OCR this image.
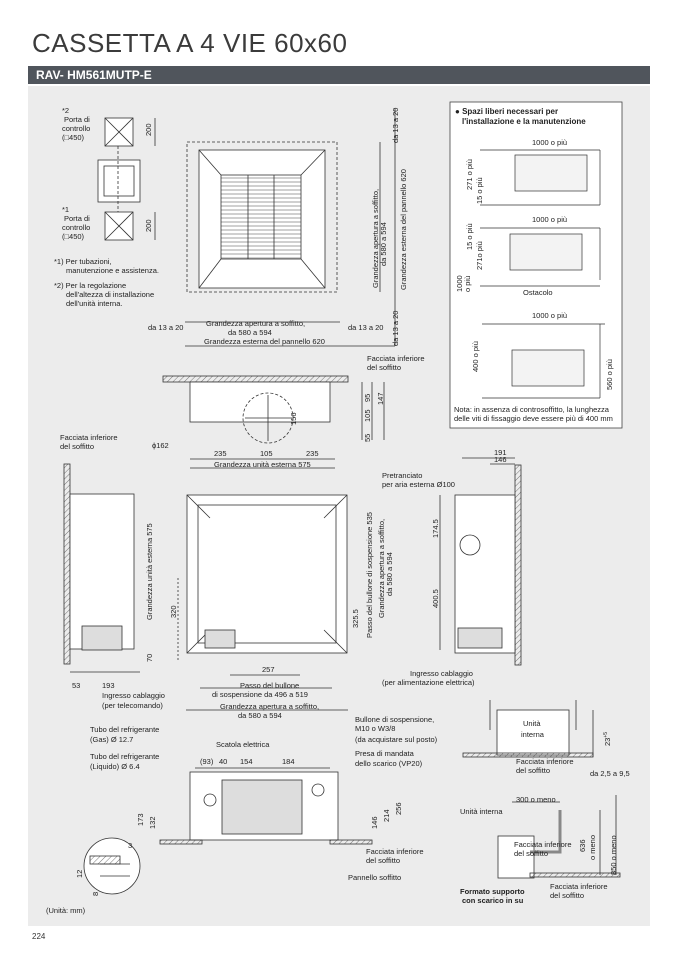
CASSETTA A 4 VIE 60x60
RAV- HM561MUTP-E
*2
Porta di
controllo
(□450)
*1
Porta di
controllo
(□450)
200
200
*1) Per tubazioni,
manutenzione e assistenza.
*2) Per la regolazione
dell'altezza di installazione
dell'unità interna.
da 13 a 20
da 13 a 20
da 13 a 20	da 13 a 20
Grandezza apertura a soffitto, da 580 a 594 Grandezza esterna del pannello 620
Grandezza apertura a soffitto,
da 580 a 594
Grandezza esterna del pannello 620
● Spazi liberi necessari per
l'installazione e la manutenzione
1000 o più
271 o più
15 o più
1000 o più
15 o più
271o più
1000 o più
Ostacolo
1000 o più
400 o più
560 o più
Nota: in assenza di controsoffitto, la lunghezza
delle viti di fissaggio deve essere più di 400 mm
Facciata inferiore
del soffitto
95
105
147
156
55
ϕ162
235	105	235
Grandezza unità esterna 575
Facciata inferiore
del soffitto
Grandezza unità esterna 575
70
53	193
Ingresso cablaggio
(per telecomando)
320	325.5 Passo del bullone di sospensione 535 Grandezza apertura a soffitto, da 580 a 594
257
Passo del bullone
di sospensione da 496 a 519
Grandezza apertura a soffitto,
da 580 a 594
191
146
Pretranciato
per aria esterna Ø100
174.5
400.5
Ingresso cablaggio
(per alimentazione elettrica)
Tubo del refrigerante
(Gas) Ø 12.7
Tubo del refrigerante
(Liquido) Ø 6.4
Scatola elettrica
(93) 40 154	184
Bullone di sospensione,
M10 o W3/8
(da acquistare sul posto)
Presa di mandata
dello scarico (VP20)
173 132	146
214
256
Facciata inferiore
del soffitto
Pannello soffitto
3
12
8
Unità
interna
$23^{+5}$
Facciata inferiore
del soffitto	da 2,5 a 9,5
300 o meno
Unità interna
636 o meno 850 o meno
Facciata inferiore
del soffitto
Facciata inferiore
del soffitto
Formato supporto
con scarico in su
(Unità: mm)
224
